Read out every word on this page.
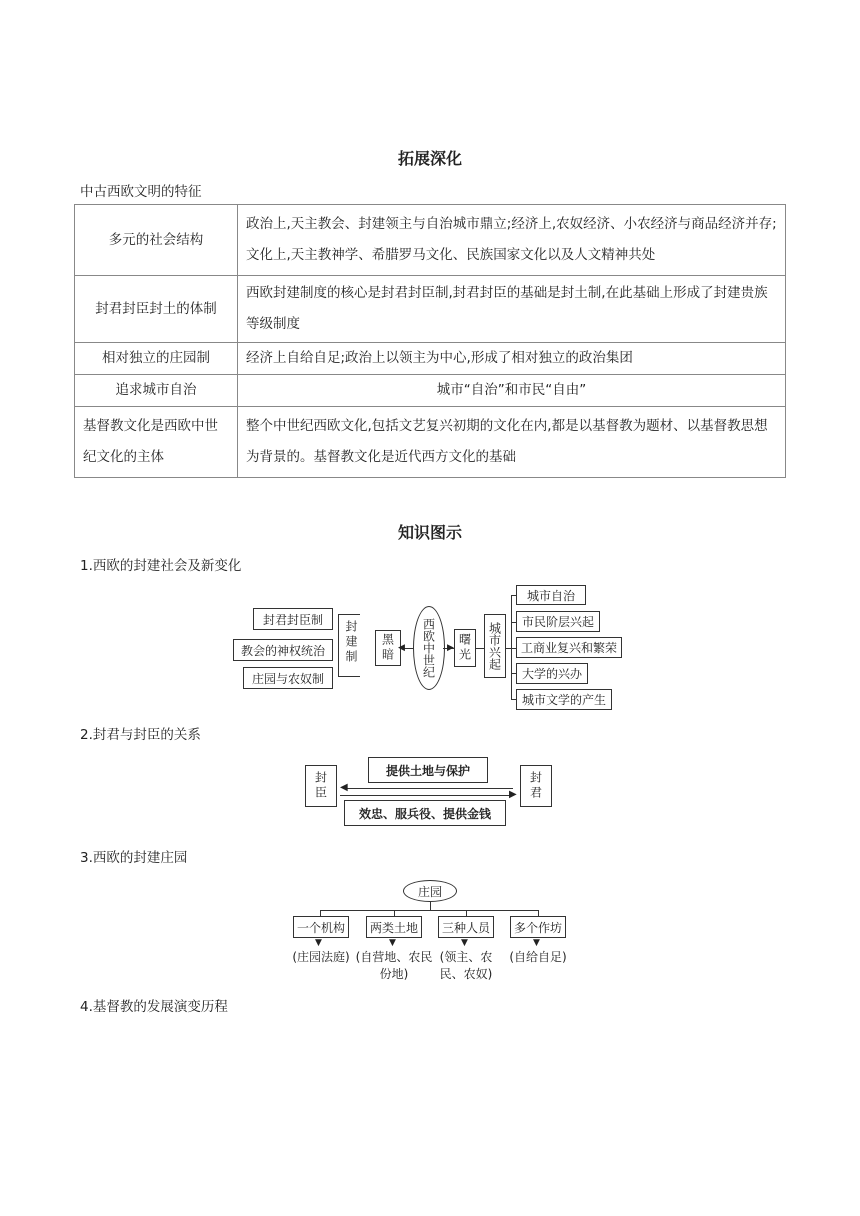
拓展深化
中古西欧文明的特征
多元的社会结构	政治上,天主教会、封建领主与自治城市鼎立;经济上,农奴经济、小农经济与商品经济并存;文化上,天主教神学、希腊罗马文化、民族国家文化以及人文精神共处
封君封臣封土的体制	西欧封建制度的核心是封君封臣制,封君封臣的基础是封土制,在此基础上形成了封建贵族等级制度
相对独立的庄园制	经济上自给自足;政治上以领主为中心,形成了相对独立的政治集团
追求城市自治	城市“自治”和市民“自由”
基督教文化是西欧中世纪文化的主体	整个中世纪西欧文化,包括文艺复兴初期的文化在内,都是以基督教为题材、以基督教思想为背景的。基督教文化是近代西方文化的基础
知识图示
1.西欧的封建社会及新变化
封君封臣制
教会的神权统治
庄园与农奴制
封建制	黑暗 ◀ 西欧中世纪 ▶ 曙光	城市兴起
城市自治
市民阶层兴起
工商业复兴和繁荣
大学的兴办
城市文学的产生
2.封君与封臣的关系
封臣	封君
提供土地与保护
效忠、服兵役、提供金钱
◀
▶
3.西欧的封建庄园
庄园
一个机构	两类土地	三种人员	多个作坊
▼	▼	▼	▼
(庄园法庭) (自营地、农民份地)
(领主、农民、农奴)
(自给自足)
4.基督教的发展演变历程
